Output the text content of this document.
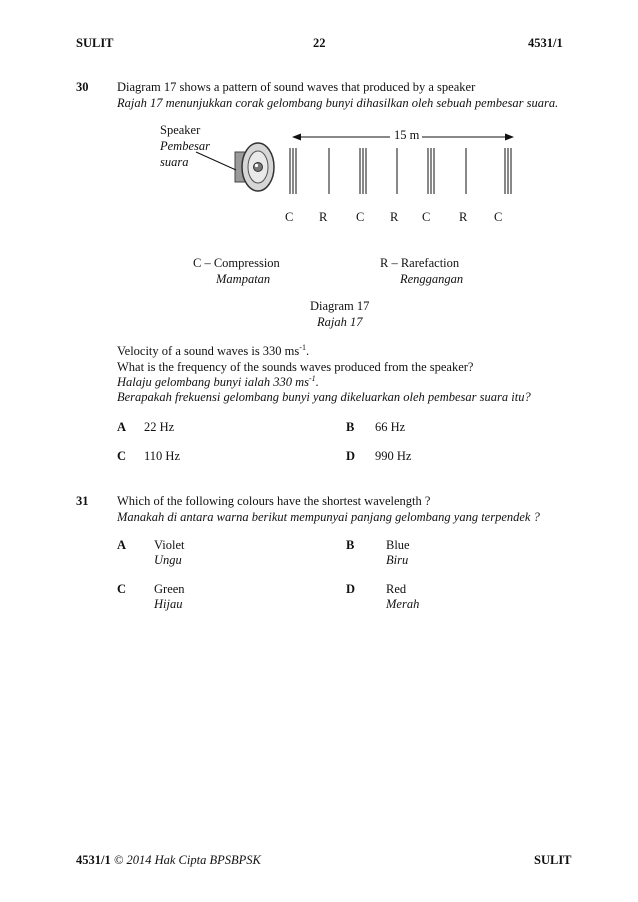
SULIT	22	4531/1
30 Diagram 17 shows a pattern of sound waves that produced by a speaker
Rajah 17 menunjukkan corak gelombang bunyi dihasilkan oleh sebuah pembesar suara.
Speaker
Pembesar
suara
15 m
C R C R C R C
C – Compression
Mampatan
R – Rarefaction
Renggangan
Diagram 17
Rajah 17
Velocity of a sound waves is 330 $ms^{-1}$.
What is the frequency of the sounds waves produced from the speaker?
Halaju gelombang bunyi ialah 330 $ms^{-1}$.
Berapakah frekuensi gelombang bunyi yang dikeluarkan oleh pembesar suara itu?
A 22 Hz	B 66 Hz
C 110 Hz	D 990 Hz
31 Which of the following colours have the shortest wavelength ?
Manakah di antara warna berikut mempunyai panjang gelombang yang terpendek ?
A Violet
Ungu
B	Blue
Biru
C Green
Hijau
D Red
Merah
4531/1 © 2014 Hak Cipta BPSBPSK	SULIT
